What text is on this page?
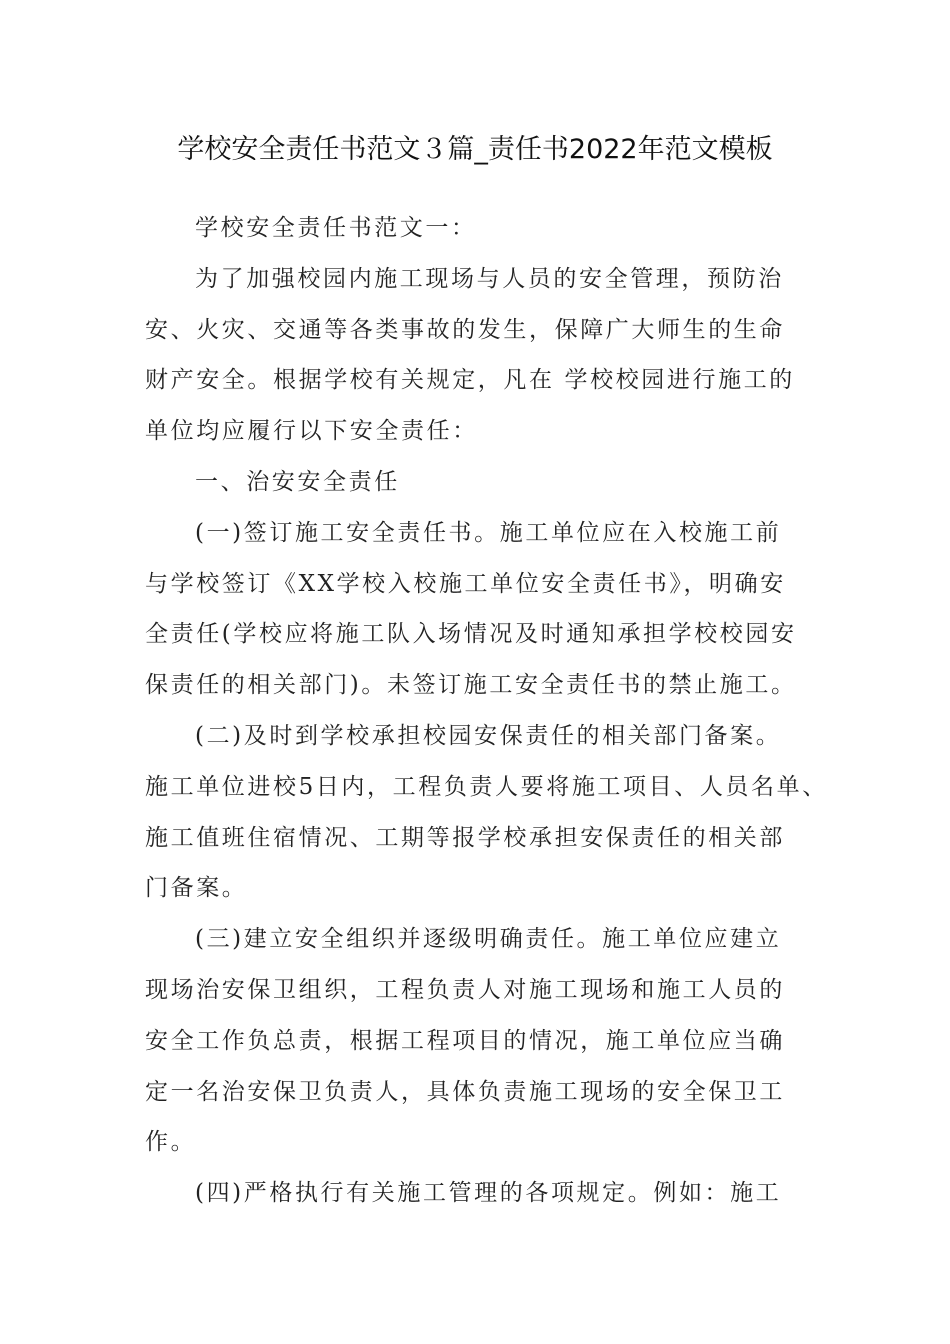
学校安全责任书范文３篇_责任书2022年范文模板
学校安全责任书范文一：
为了加强校园内施工现场与人员的安全管理，预防治
安、火灾、交通等各类事故的发生，保障广大师生的生命
财产安全。根据学校有关规定，凡在 学校校园进行施工的
单位均应履行以下安全责任：
一、治安安全责任
(一)签订施工安全责任书。施工单位应在入校施工前
与学校签订《XX学校入校施工单位安全责任书》，明确安
全责任(学校应将施工队入场情况及时通知承担学校校园安
保责任的相关部门)。未签订施工安全责任书的禁止施工。
(二)及时到学校承担校园安保责任的相关部门备案。
施工单位进校5日内，工程负责人要将施工项目、人员名单、
施工值班住宿情况、工期等报学校承担安保责任的相关部
门备案。
(三)建立安全组织并逐级明确责任。施工单位应建立
现场治安保卫组织，工程负责人对施工现场和施工人员的
安全工作负总责，根据工程项目的情况，施工单位应当确
定一名治安保卫负责人，具体负责施工现场的安全保卫工
作。
(四)严格执行有关施工管理的各项规定。例如：施工
